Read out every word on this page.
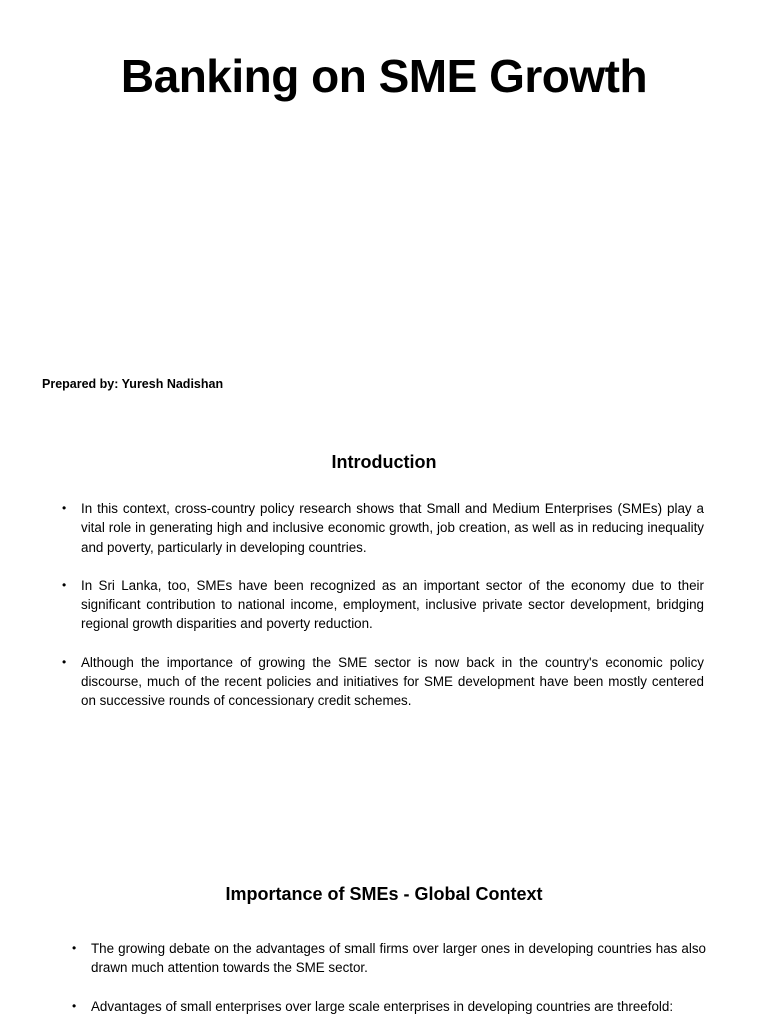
Banking on SME Growth
Prepared by: Yuresh Nadishan
Introduction
• In this context, cross-country policy research shows that Small and Medium Enterprises (SMEs) play a vital role in generating high and inclusive economic growth, job creation, as well as in reducing inequality and poverty, particularly in developing countries.
• In Sri Lanka, too, SMEs have been recognized as an important sector of the economy due to their significant contribution to national income, employment, inclusive private sector development, bridging regional growth disparities and poverty reduction.
• Although the importance of growing the SME sector is now back in the country's economic policy discourse, much of the recent policies and initiatives for SME development have been mostly centered on successive rounds of concessionary credit schemes.
Importance of SMEs - Global Context
• The growing debate on the advantages of small firms over larger ones in developing countries has also drawn much attention towards the SME sector.
• Advantages of small enterprises over large scale enterprises in developing countries are threefold:
